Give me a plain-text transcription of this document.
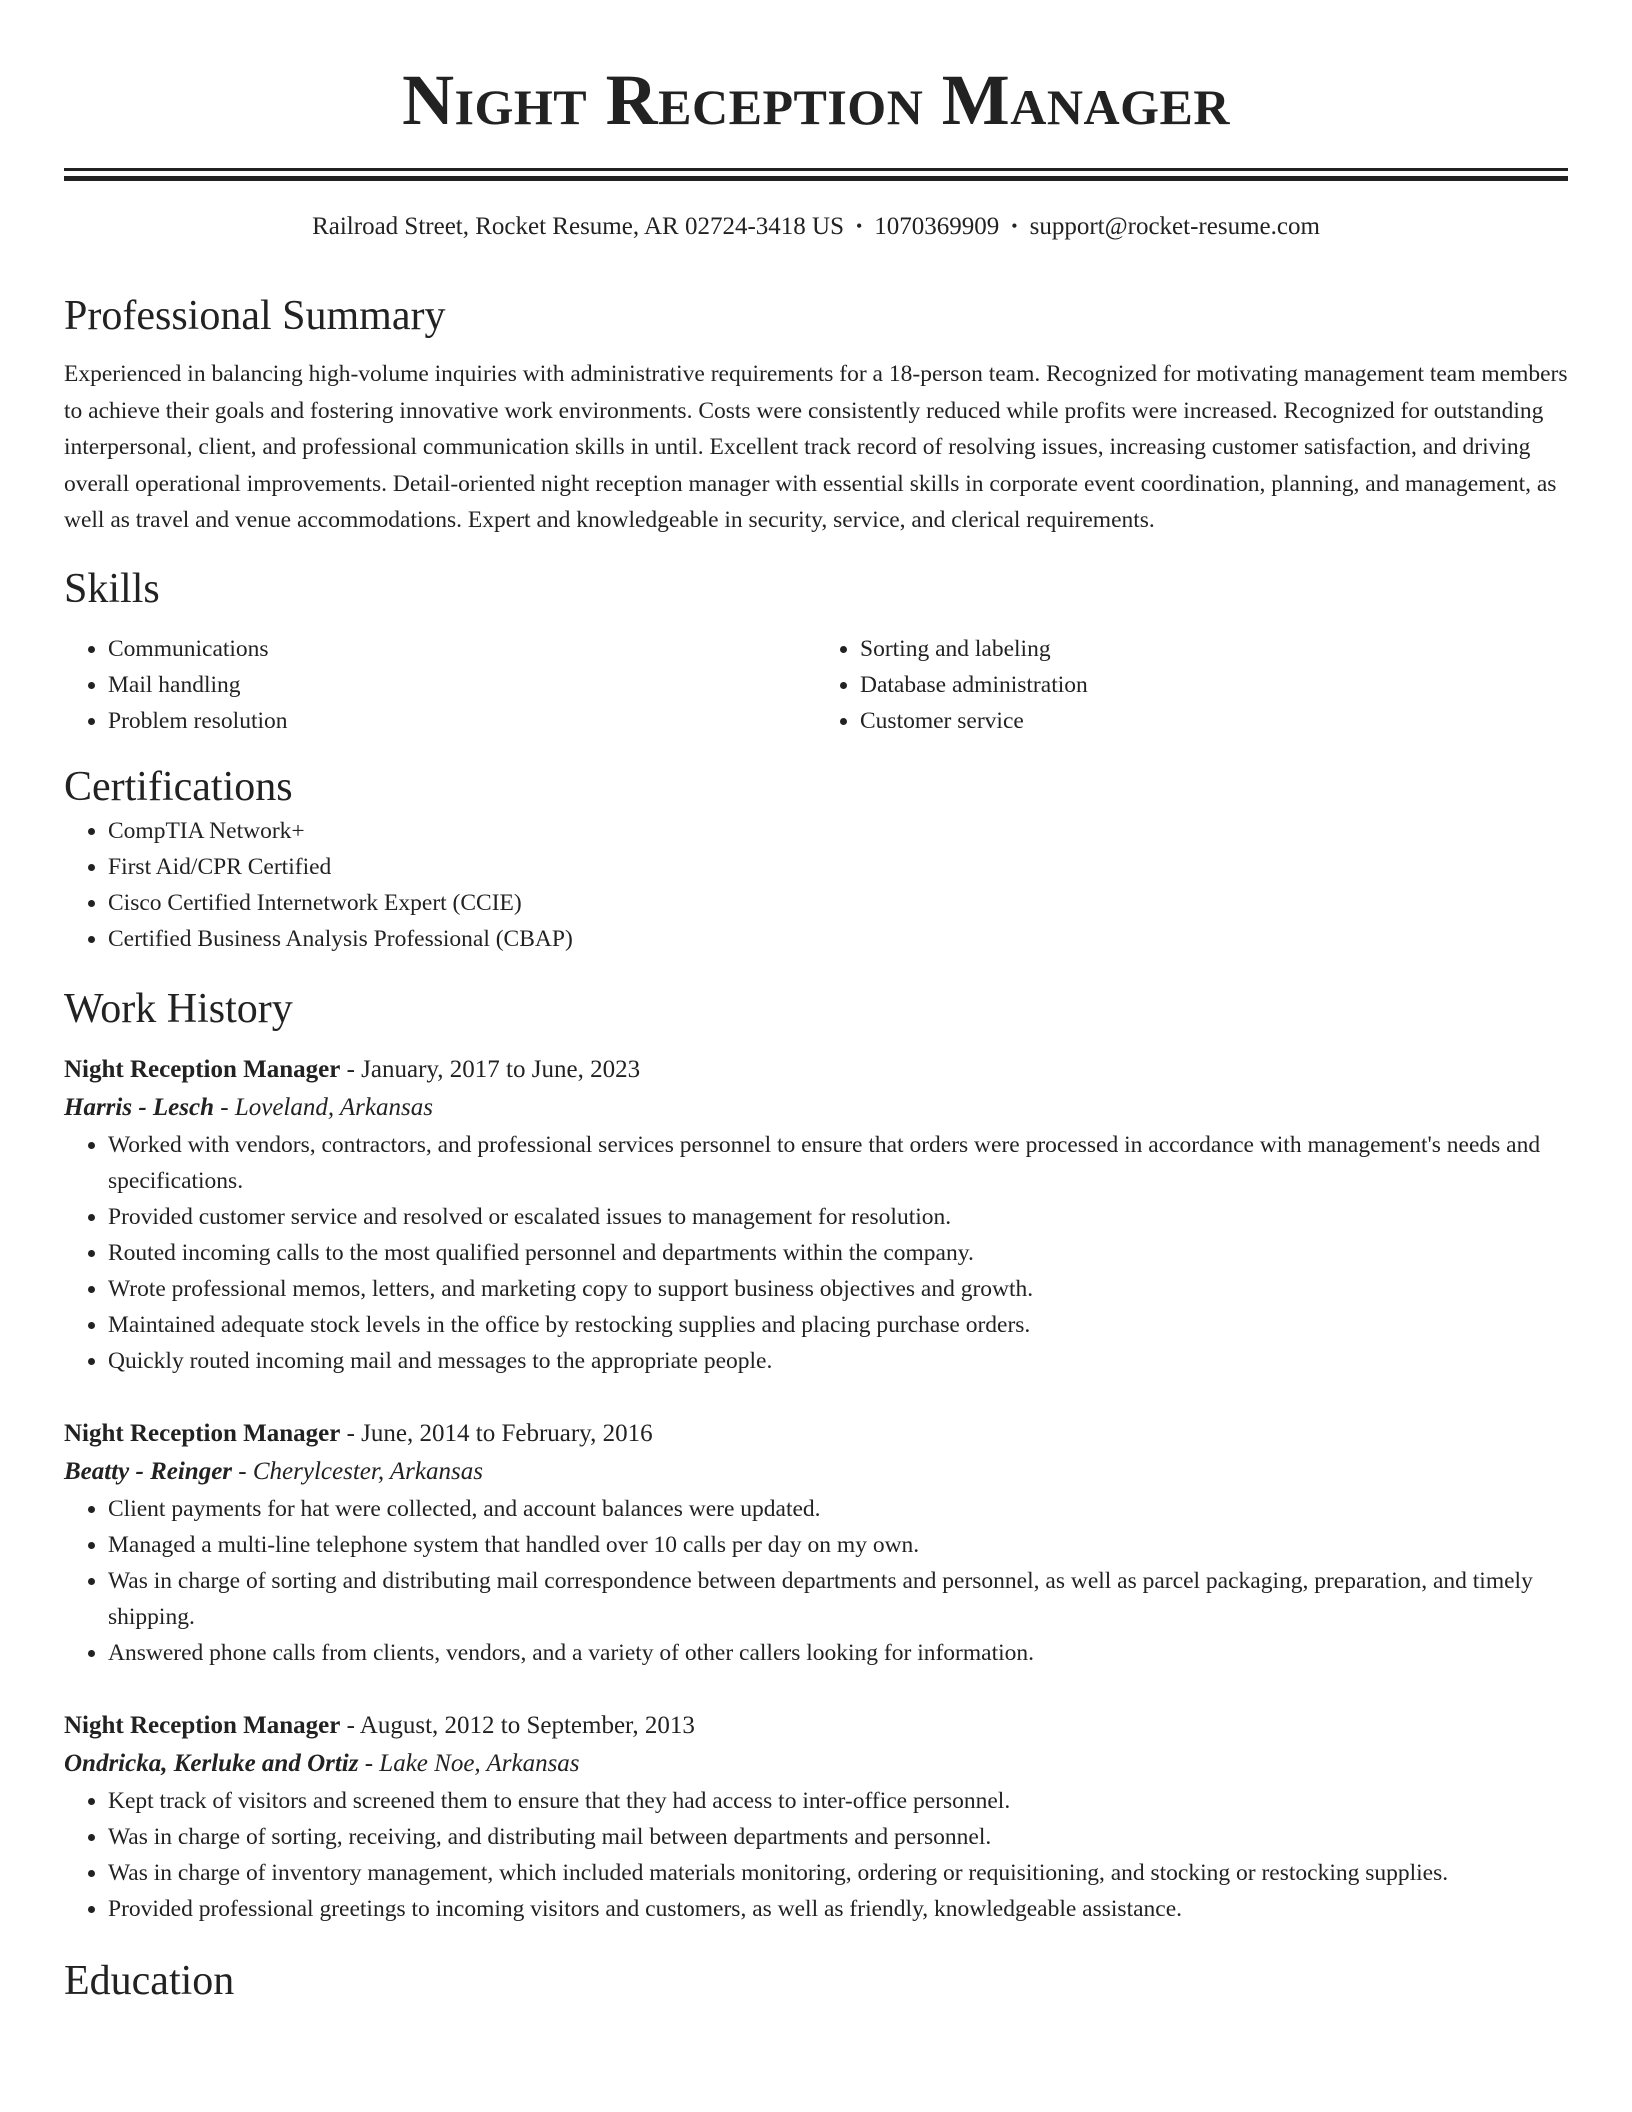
Night Reception Manager
Railroad Street, Rocket Resume, AR 02724-3418 US • 1070369909 • support@rocket-resume.com
Professional Summary

Experienced in balancing high-volume inquiries with administrative requirements for a 18-person team. Recognized for motivating management team members to achieve their goals and fostering innovative work environments. Costs were consistently reduced while profits were increased. Recognized for outstanding interpersonal, client, and professional communication skills in until. Excellent track record of resolving issues, increasing customer satisfaction, and driving overall operational improvements. Detail-oriented night reception manager with essential skills in corporate event coordination, planning, and management, as well as travel and venue accommodations. Expert and knowledgeable in security, service, and clerical requirements.

Skills
• Communications
• Mail handling
• Problem resolution
• Sorting and labeling
• Database administration
• Customer service
Certifications
• CompTIA Network+
• First Aid/CPR Certified
• Cisco Certified Internetwork Expert (CCIE)
• Certified Business Analysis Professional (CBAP)
Work History
Night Reception Manager - January, 2017 to June, 2023
Harris - Lesch - Loveland, Arkansas
• Worked with vendors, contractors, and professional services personnel to ensure that orders were processed in accordance with management's needs and specifications.
• Provided customer service and resolved or escalated issues to management for resolution.
• Routed incoming calls to the most qualified personnel and departments within the company.
• Wrote professional memos, letters, and marketing copy to support business objectives and growth.
• Maintained adequate stock levels in the office by restocking supplies and placing purchase orders.
• Quickly routed incoming mail and messages to the appropriate people.
Night Reception Manager - June, 2014 to February, 2016
Beatty - Reinger - Cherylcester, Arkansas
• Client payments for hat were collected, and account balances were updated.
• Managed a multi-line telephone system that handled over 10 calls per day on my own.
• Was in charge of sorting and distributing mail correspondence between departments and personnel, as well as parcel packaging, preparation, and timely shipping.
• Answered phone calls from clients, vendors, and a variety of other callers looking for information.
Night Reception Manager - August, 2012 to September, 2013
Ondricka, Kerluke and Ortiz - Lake Noe, Arkansas
• Kept track of visitors and screened them to ensure that they had access to inter-office personnel.
• Was in charge of sorting, receiving, and distributing mail between departments and personnel.
• Was in charge of inventory management, which included materials monitoring, ordering or requisitioning, and stocking or restocking supplies.
• Provided professional greetings to incoming visitors and customers, as well as friendly, knowledgeable assistance.
Education
